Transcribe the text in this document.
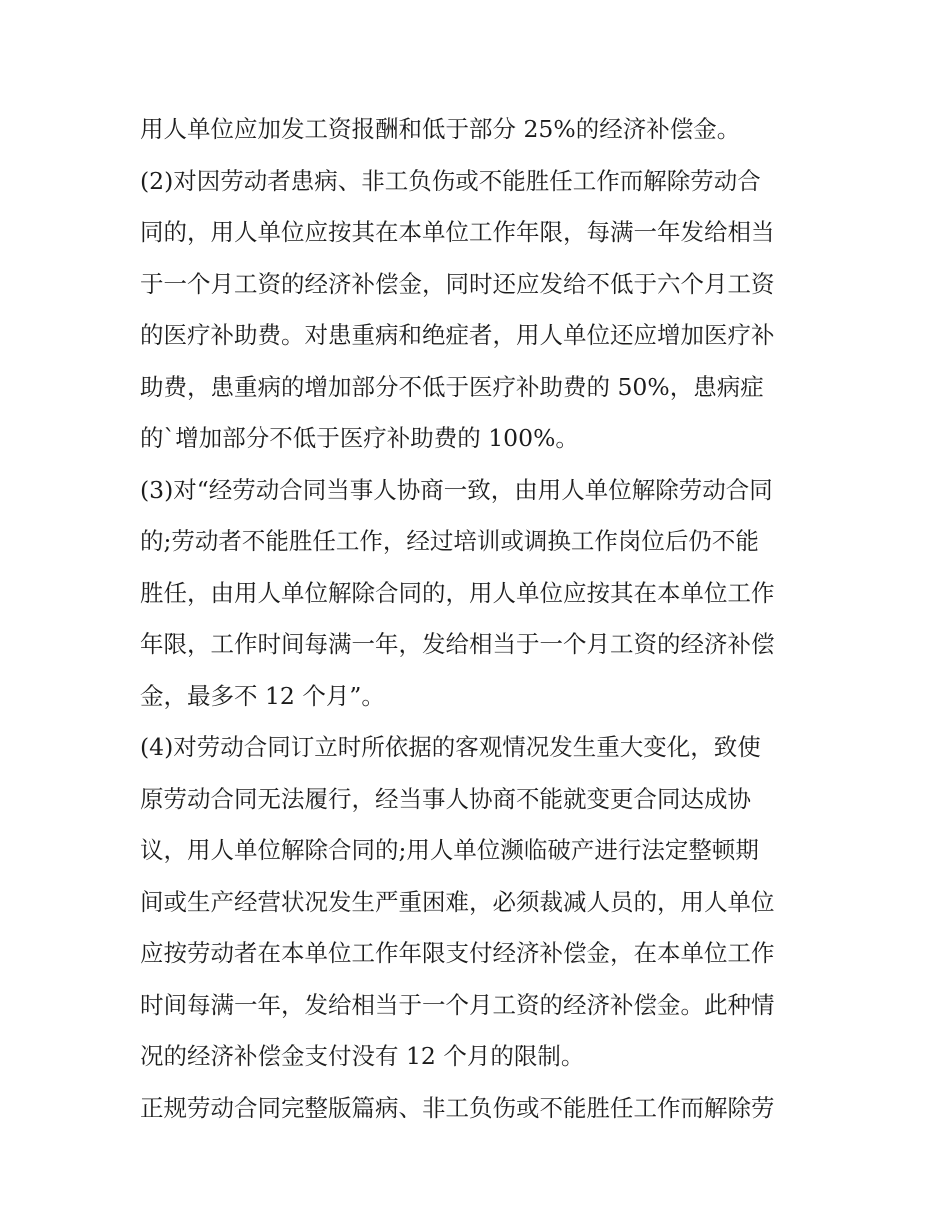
用人单位应加发工资报酬和低于部分 25%的经济补偿金。
(2)对因劳动者患病、非工负伤或不能胜任工作而解除劳动合
同的，用人单位应按其在本单位工作年限，每满一年发给相当
于一个月工资的经济补偿金，同时还应发给不低于六个月工资
的医疗补助费。对患重病和绝症者，用人单位还应增加医疗补
助费，患重病的增加部分不低于医疗补助费的 50%，患病症
的`增加部分不低于医疗补助费的 100%。
(3)对“经劳动合同当事人协商一致，由用人单位解除劳动合同
的;劳动者不能胜任工作，经过培训或调换工作岗位后仍不能
胜任，由用人单位解除合同的，用人单位应按其在本单位工作
年限，工作时间每满一年，发给相当于一个月工资的经济补偿
金，最多不 12 个月”。
(4)对劳动合同订立时所依据的客观情况发生重大变化，致使
原劳动合同无法履行，经当事人协商不能就变更合同达成协
议，用人单位解除合同的;用人单位濒临破产进行法定整顿期
间或生产经营状况发生严重困难，必须裁减人员的，用人单位
应按劳动者在本单位工作年限支付经济补偿金，在本单位工作
时间每满一年，发给相当于一个月工资的经济补偿金。此种情
况的经济补偿金支付没有 12 个月的限制。
正规劳动合同完整版篇病、非工负伤或不能胜任工作而解除劳
